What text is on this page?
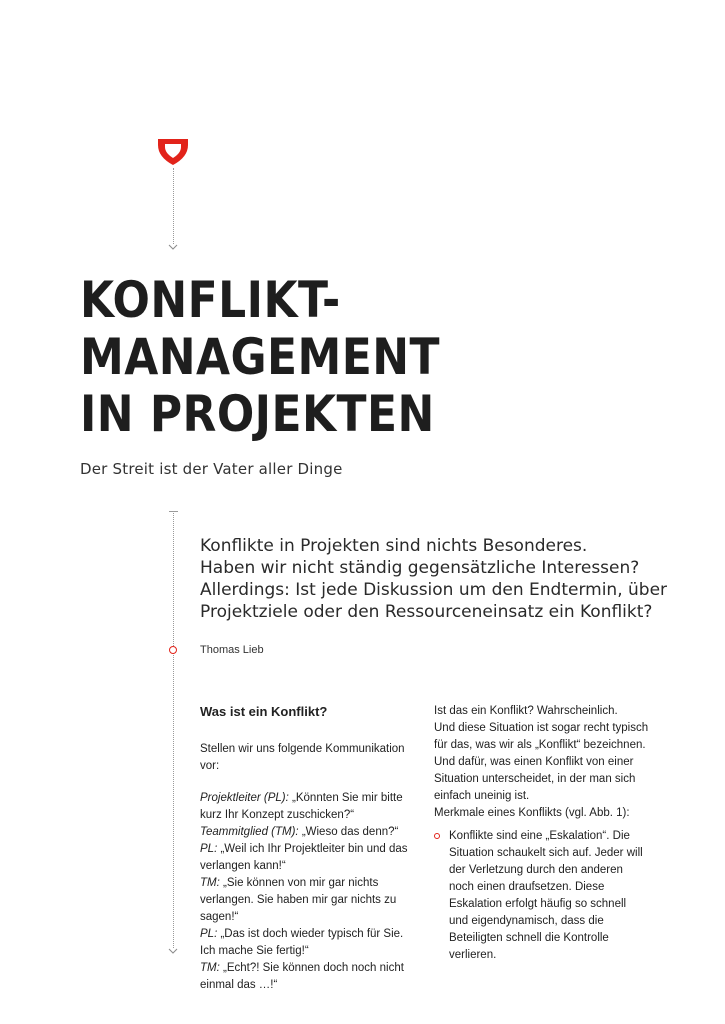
KONFLIKT-
MANAGEMENT
IN PROJEKTEN

Der Streit ist der Vater aller Dinge

Konflikte in Projekten sind nichts Besonderes.
Haben wir nicht ständig gegensätzliche Interessen?
Allerdings: Ist jede Diskussion um den Endtermin, über
Projektziele oder den Ressourceneinsatz ein Konflikt?

Thomas Lieb

Was ist ein Konflikt?

Stellen wir uns folgende Kommunikation vor:

Projektleiter (PL): „Könnten Sie mir bitte kurz Ihr Konzept zuschicken?“
Teammitglied (TM): „Wieso das denn?“
PL: „Weil ich Ihr Projektleiter bin und das verlangen kann!“
TM: „Sie können von mir gar nichts verlangen. Sie haben mir gar nichts zu sagen!“
PL: „Das ist doch wieder typisch für Sie. Ich mache Sie fertig!“
TM: „Echt?! Sie können doch noch nicht einmal das …!“

Ist das ein Konflikt? Wahrscheinlich.
Und diese Situation ist sogar recht typisch
für das, was wir als „Konflikt“ bezeichnen.
Und dafür, was einen Konflikt von einer
Situation unterscheidet, in der man sich
einfach uneinig ist.
Merkmale eines Konflikts (vgl. Abb. 1):

Konflikte sind eine „Eskalation“. Die Situation schaukelt sich auf. Jeder will der Verletzung durch den anderen noch einen draufsetzen. Diese Eskalation erfolgt häufig so schnell und eigendynamisch, dass die Beteiligten schnell die Kontrolle verlieren.
